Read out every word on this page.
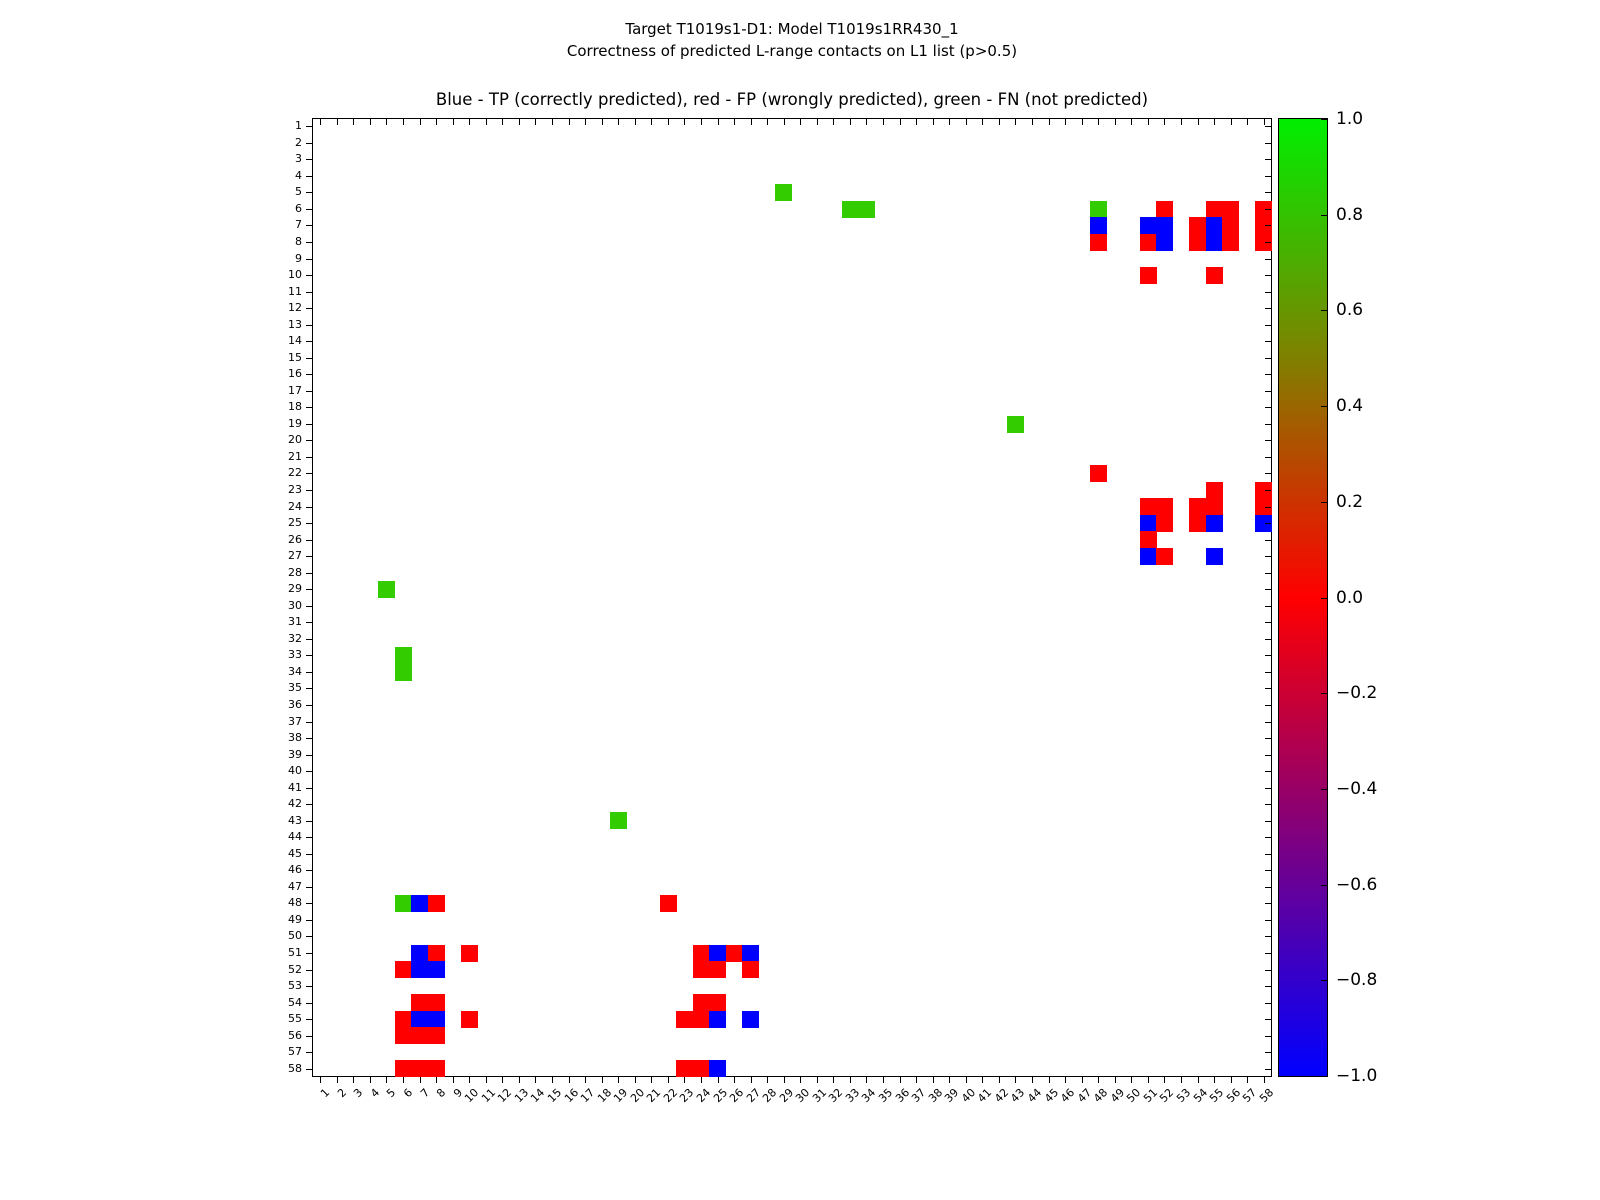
Target T1019s1-D1: Model T1019s1RR430_1
Correctness of predicted L-range contacts on L1 list (p>0.5)
Blue - TP (correctly predicted), red - FP (wrongly predicted), green - FN (not predicted)
1
2
3
4
5
6
7
8
9
10
11
12
13
14
15
16
17
18
19
20
21
22
23
24
25
26
27
28
29
30
31
32
33
34
35
36
37
38
39
40
41
42
43
44
45
46
47
48
49
50
51
52
53
54
55
56
57
58
1 2 3 4 5 6 7 8 9
10
11
12
13
14
15
16
17
18
19
20
21
22
23
24
25
26
27
28
29
30
31
32
33
34
35
36
37
38
39
40
41
42
43
44
45
46
47
48
49
50
51
52
53
54
55
56
57
58
1.0
0.8
0.6
0.4
0.2
0.0
−0.2
−0.4
−0.6
−0.8
−1.0
